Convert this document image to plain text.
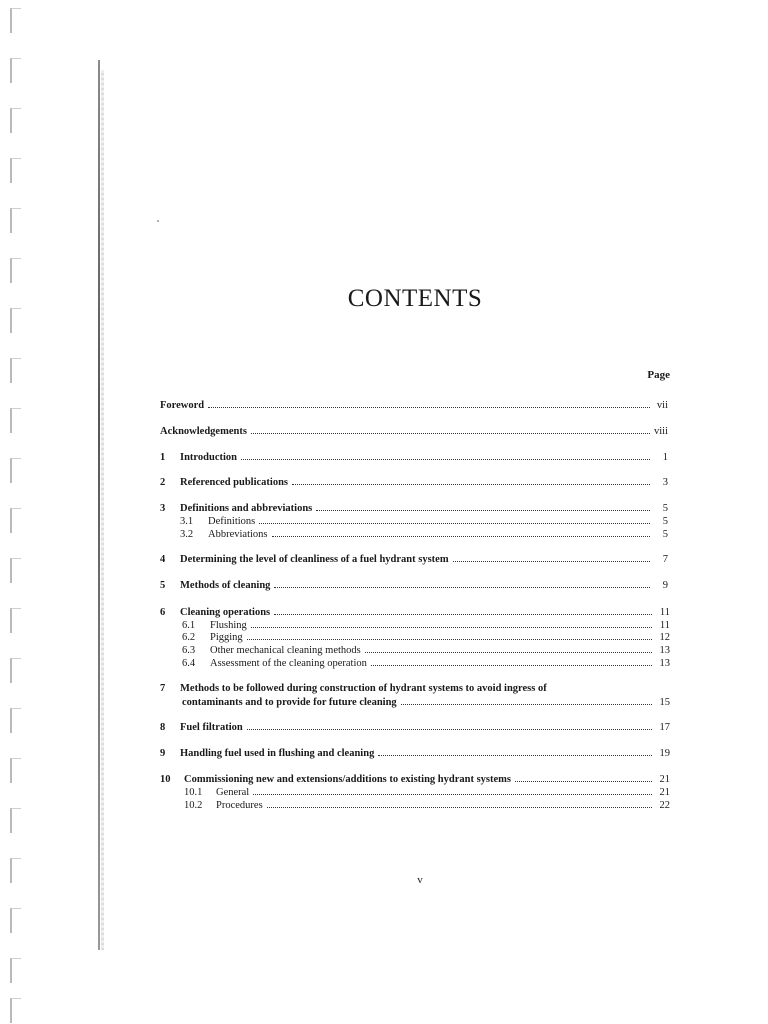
CONTENTS
Page
Foreword	vii
Acknowledgements	viii
1	Introduction	1
2	Referenced publications	3
3	Definitions and abbreviations	5
3.1	Definitions	5
3.2	Abbreviations	5
4	Determining the level of cleanliness of a fuel hydrant system	7
5	Methods of cleaning	9
6	Cleaning operations	11
6.1	Flushing	11
6.2	Pigging	12
6.3	Other mechanical cleaning methods	13
6.4	Assessment of the cleaning operation	13
7	Methods to be followed during construction of hydrant systems to avoid ingress of
contaminants and to provide for future cleaning	15
8	Fuel filtration	17
9	Handling fuel used in flushing and cleaning	19
10	Commissioning new and extensions/additions to existing hydrant systems	21
10.1	General	21
10.2	Procedures	22
v
